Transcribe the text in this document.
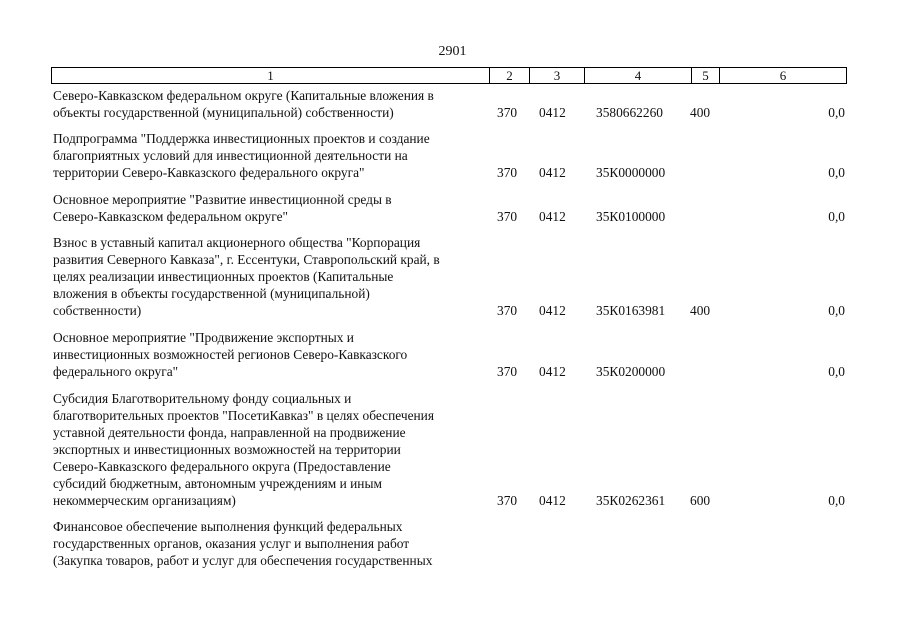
2901
1	2	3	4	5	6
Северо-Кавказском федеральном округе (Капитальные вложения в
объекты государственной (муниципальной) собственности)	370 0412 3580662260 400	0,0
Подпрограмма "Поддержка инвестиционных проектов и создание
благоприятных условий для инвестиционной деятельности на
территории Северо-Кавказского федерального округа"	370 0412 35К0000000	0,0
Основное мероприятие "Развитие инвестиционной среды в
Северо-Кавказском федеральном округе"	370 0412 35К0100000	0,0
Взнос в уставный капитал акционерного общества "Корпорация
развития Северного Кавказа", г. Ессентуки, Ставропольский край, в
целях реализации инвестиционных проектов (Капитальные
вложения в объекты государственной (муниципальной)
собственности)	370 0412 35К0163981 400	0,0
Основное мероприятие "Продвижение экспортных и
инвестиционных возможностей регионов Северо-Кавказского
федерального округа"	370 0412 35К0200000	0,0
Субсидия Благотворительному фонду социальных и
благотворительных проектов "ПосетиКавказ" в целях обеспечения
уставной деятельности фонда, направленной на продвижение
экспортных и инвестиционных возможностей на территории
Северо-Кавказского федерального округа (Предоставление
субсидий бюджетным, автономным учреждениям и иным
некоммерческим организациям)	370 0412 35К0262361 600	0,0
Финансовое обеспечение выполнения функций федеральных
государственных органов, оказания услуг и выполнения работ
(Закупка товаров, работ и услуг для обеспечения государственных
